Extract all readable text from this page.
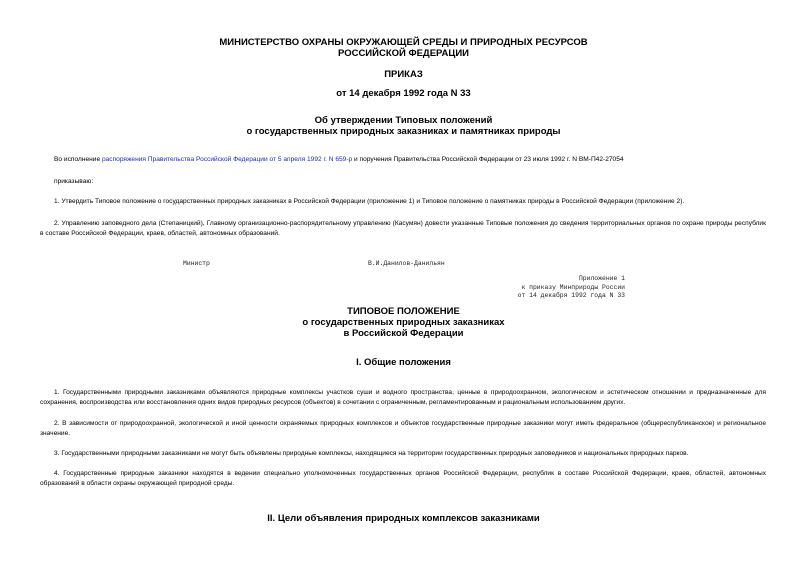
МИНИСТЕРСТВО ОХРАНЫ ОКРУЖАЮЩЕЙ СРЕДЫ И ПРИРОДНЫХ РЕСУРСОВ
РОССИЙСКОЙ ФЕДЕРАЦИИ
ПРИКАЗ
от 14 декабря 1992 года N 33
Об утверждении Типовых положений
о государственных природных заказниках и памятниках природы
Во исполнение распоряжения Правительства Российской Федерации от 5 апреля 1992 г. N 659-р и поручения Правительства Российской Федерации от 23 июля 1992 г. N ВМ-П42-27054
приказываю:
1. Утвердить Типовое положение о государственных природных заказниках в Российской Федерации (приложение 1) и Типовое положение о памятниках природы в Российской Федерации (приложение 2).
2. Управлению заповедного дела (Степаницкий), Главному организационно-распорядительному управлению (Касумян) довести указанные Типовые положения до сведения территориальных органов по охране природы республик в составе Российской Федерации, краев, областей, автономных образований.
Министр	В.И.Данилов-Данильян
Приложение 1
к приказу Минприроды России
от 14 декабря 1992 года N 33
ТИПОВОЕ ПОЛОЖЕНИЕ
о государственных природных заказниках
в Российской Федерации
I. Общие положения
1. Государственными природными заказниками объявляются природные комплексы участков суши и водного пространства, ценные в природоохранном, экологическом и эстетическом отношении и предназначенные для сохранения, воспроизводства или восстановления одних видов природных ресурсов (объектов) в сочетании с ограниченным, регламентированным и рациональным использованием других.
2. В зависимости от природоохранной, экологической и иной ценности охраняемых природных комплексов и объектов государственные природные заказники могут иметь федеральное (общереспубликанское) и региональное значение.
3. Государственными природными заказниками не могут быть объявлены природные комплексы, находящиеся на территории государственных природных заповедников и национальных природных парков.
4. Государственные природные заказники находятся в ведении специально уполномоченных государственных органов Российской Федерации, республик в составе Российской Федерации, краев, областей, автономных образований в области охраны окружающей природной среды.
II. Цели объявления природных комплексов заказниками
